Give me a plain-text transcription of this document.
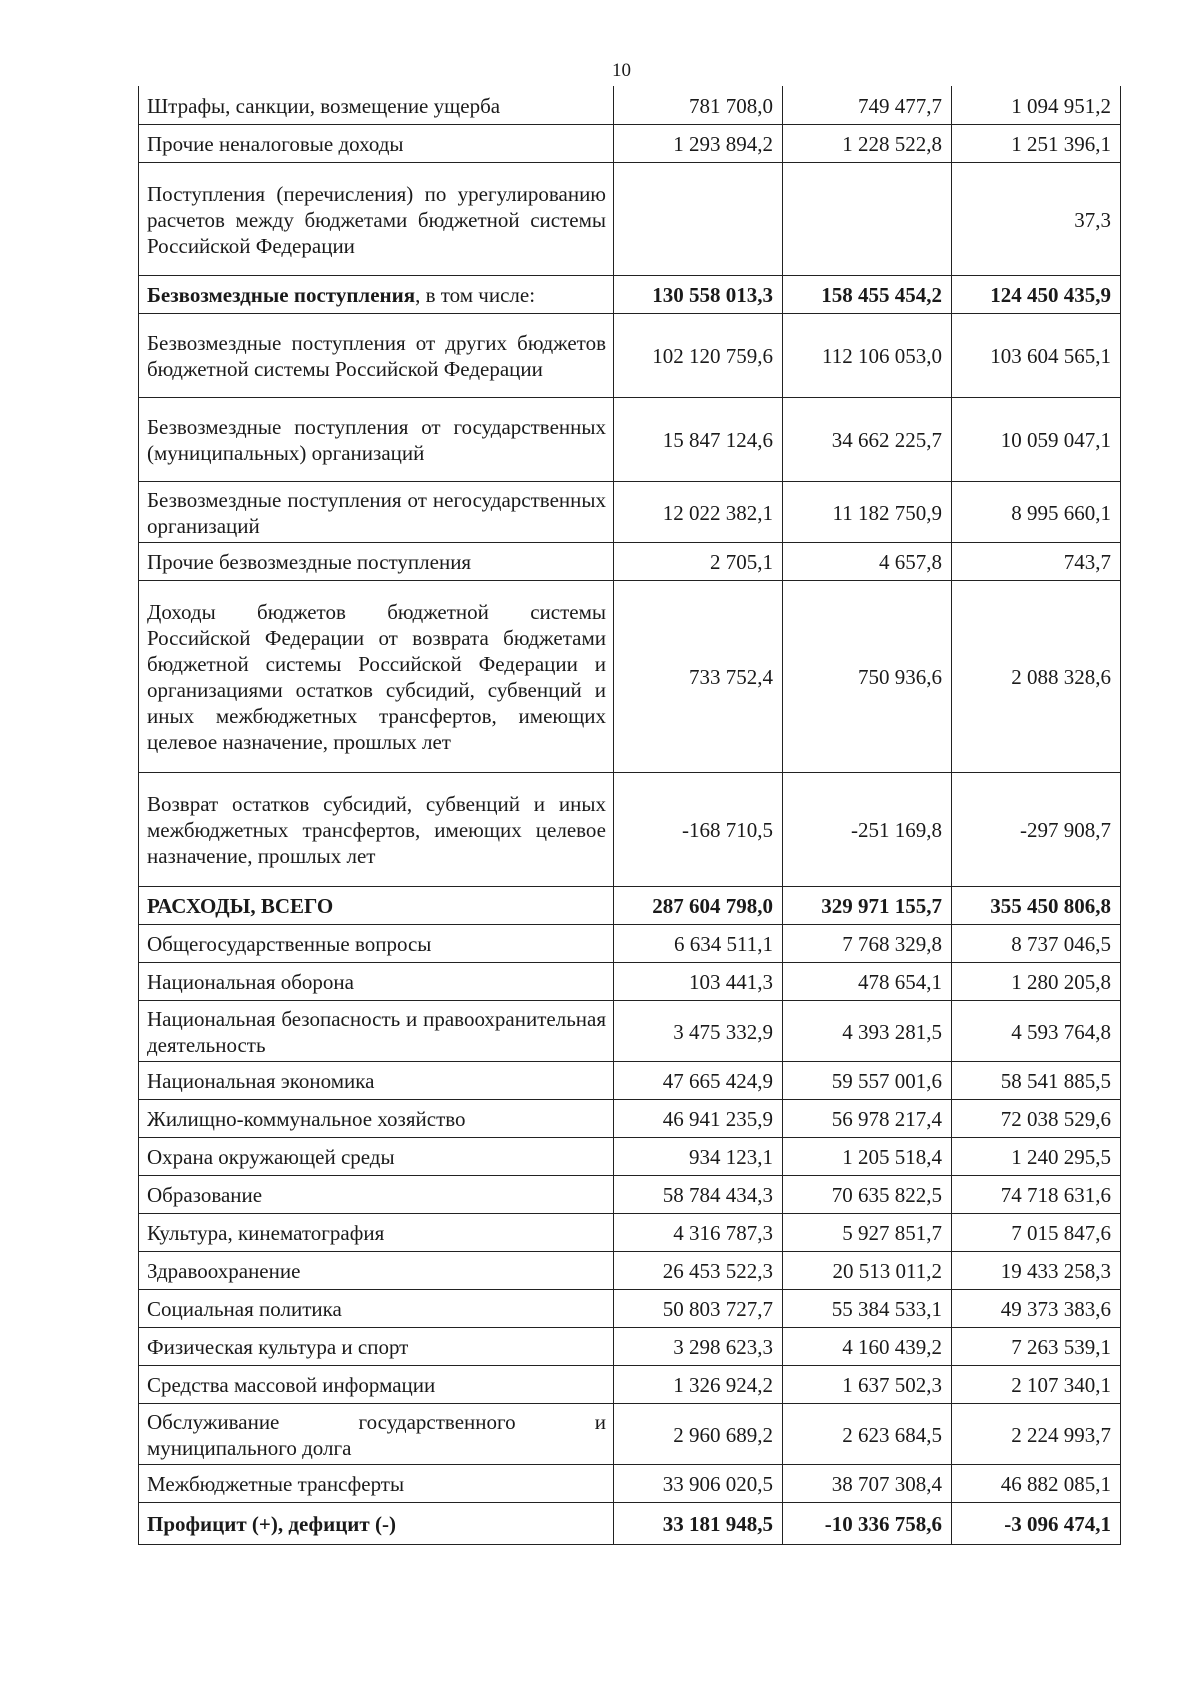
10
Штрафы, санкции, возмещение ущерба	781 708,0	749 477,7	1 094 951,2
Прочие неналоговые доходы	1 293 894,2	1 228 522,8	1 251 396,1
Поступления (перечисления) по урегулированию расчетов между бюджетами бюджетной системы Российской Федерации			37,3
Безвозмездные поступления, в том числе:	130 558 013,3	158 455 454,2	124 450 435,9
Безвозмездные поступления от других бюджетов бюджетной системы Российской Федерации	102 120 759,6	112 106 053,0	103 604 565,1
Безвозмездные поступления от государственных (муниципальных) организаций	15 847 124,6	34 662 225,7	10 059 047,1
Безвозмездные поступления от негосударственных организаций	12 022 382,1	11 182 750,9	8 995 660,1
Прочие безвозмездные поступления	2 705,1	4 657,8	743,7
Доходы бюджетов бюджетной системы Российской Федерации от возврата бюджетами бюджетной системы Российской Федерации и организациями остатков субсидий, субвенций и иных межбюджетных трансфертов, имеющих целевое назначение, прошлых лет	733 752,4	750 936,6	2 088 328,6
Возврат остатков субсидий, субвенций и иных межбюджетных трансфертов, имеющих целевое назначение, прошлых лет	-168 710,5	-251 169,8	-297 908,7
РАСХОДЫ, ВСЕГО	287 604 798,0	329 971 155,7	355 450 806,8
Общегосударственные вопросы	6 634 511,1	7 768 329,8	8 737 046,5
Национальная оборона	103 441,3	478 654,1	1 280 205,8
Национальная безопасность и правоохранительная деятельность	3 475 332,9	4 393 281,5	4 593 764,8
Национальная экономика	47 665 424,9	59 557 001,6	58 541 885,5
Жилищно-коммунальное хозяйство	46 941 235,9	56 978 217,4	72 038 529,6
Охрана окружающей среды	934 123,1	1 205 518,4	1 240 295,5
Образование	58 784 434,3	70 635 822,5	74 718 631,6
Культура, кинематография	4 316 787,3	5 927 851,7	7 015 847,6
Здравоохранение	26 453 522,3	20 513 011,2	19 433 258,3
Социальная политика	50 803 727,7	55 384 533,1	49 373 383,6
Физическая культура и спорт	3 298 623,3	4 160 439,2	7 263 539,1
Средства массовой информации	1 326 924,2	1 637 502,3	2 107 340,1
Обслуживание государственного и муниципального долга	2 960 689,2	2 623 684,5	2 224 993,7
Межбюджетные трансферты	33 906 020,5	38 707 308,4	46 882 085,1
Профицит (+), дефицит (-)	33 181 948,5	-10 336 758,6	-3 096 474,1
